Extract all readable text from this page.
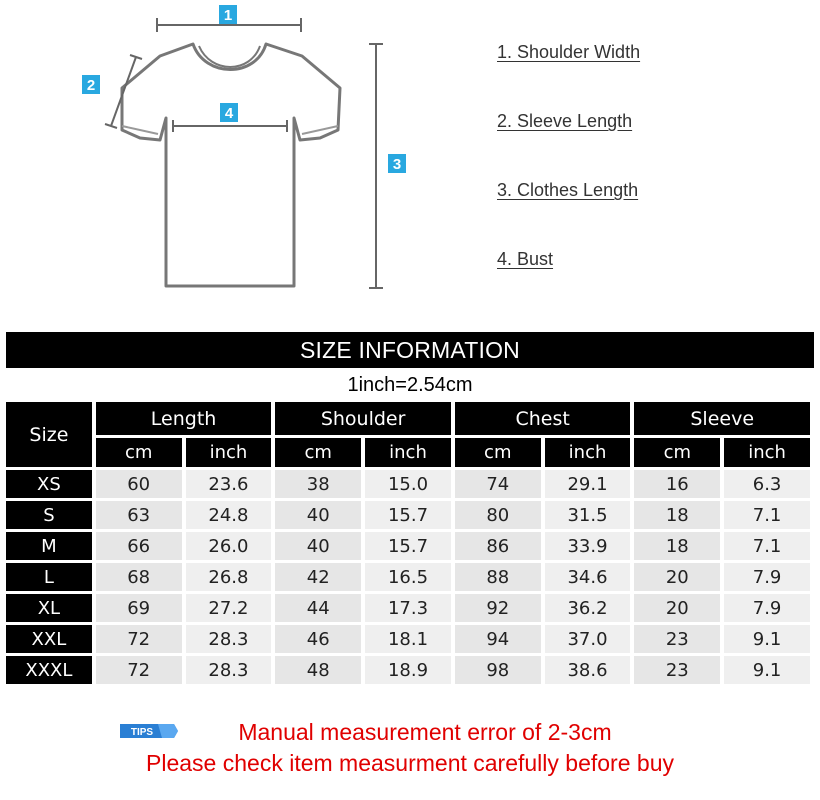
1
2
3
4
1. Shoulder Width
2. Sleeve Length
3. Clothes Length
4. Bust
SIZE INFORMATION
1inch=2.54cm
Size	Length		Shoulder		Chest		Sleeve	
	cm	inch	cm	inch	cm	inch	cm	inch
XS	60	23.6	38	15.0	74	29.1	16	6.3
S	63	24.8	40	15.7	80	31.5	18	7.1
M	66	26.0	40	15.7	86	33.9	18	7.1
L	68	26.8	42	16.5	88	34.6	20	7.9
XL	69	27.2	44	17.3	92	36.2	20	7.9
XXL	72	28.3	46	18.1	94	37.0	23	9.1
XXXL	72	28.3	48	18.9	98	38.6	23	9.1
TIPS	Manual measurement error of 2-3cm
Please check item measurment carefully before buy
